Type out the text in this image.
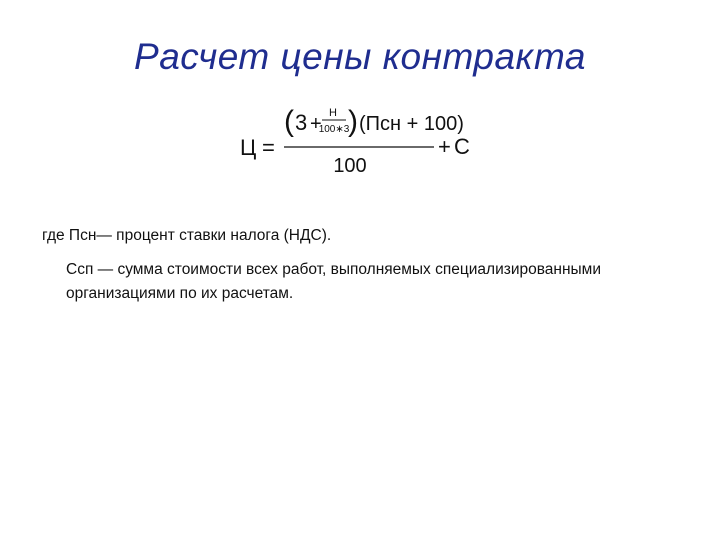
Расчет цены контракта
Ц =
( 3 + Н
100∗3
) (Псн + 100)
100
+ С

где Псн— процент ставки налога (НДС).

Ссп — сумма стоимости всех работ, выполняемых специализированными организациями по их расчетам.
